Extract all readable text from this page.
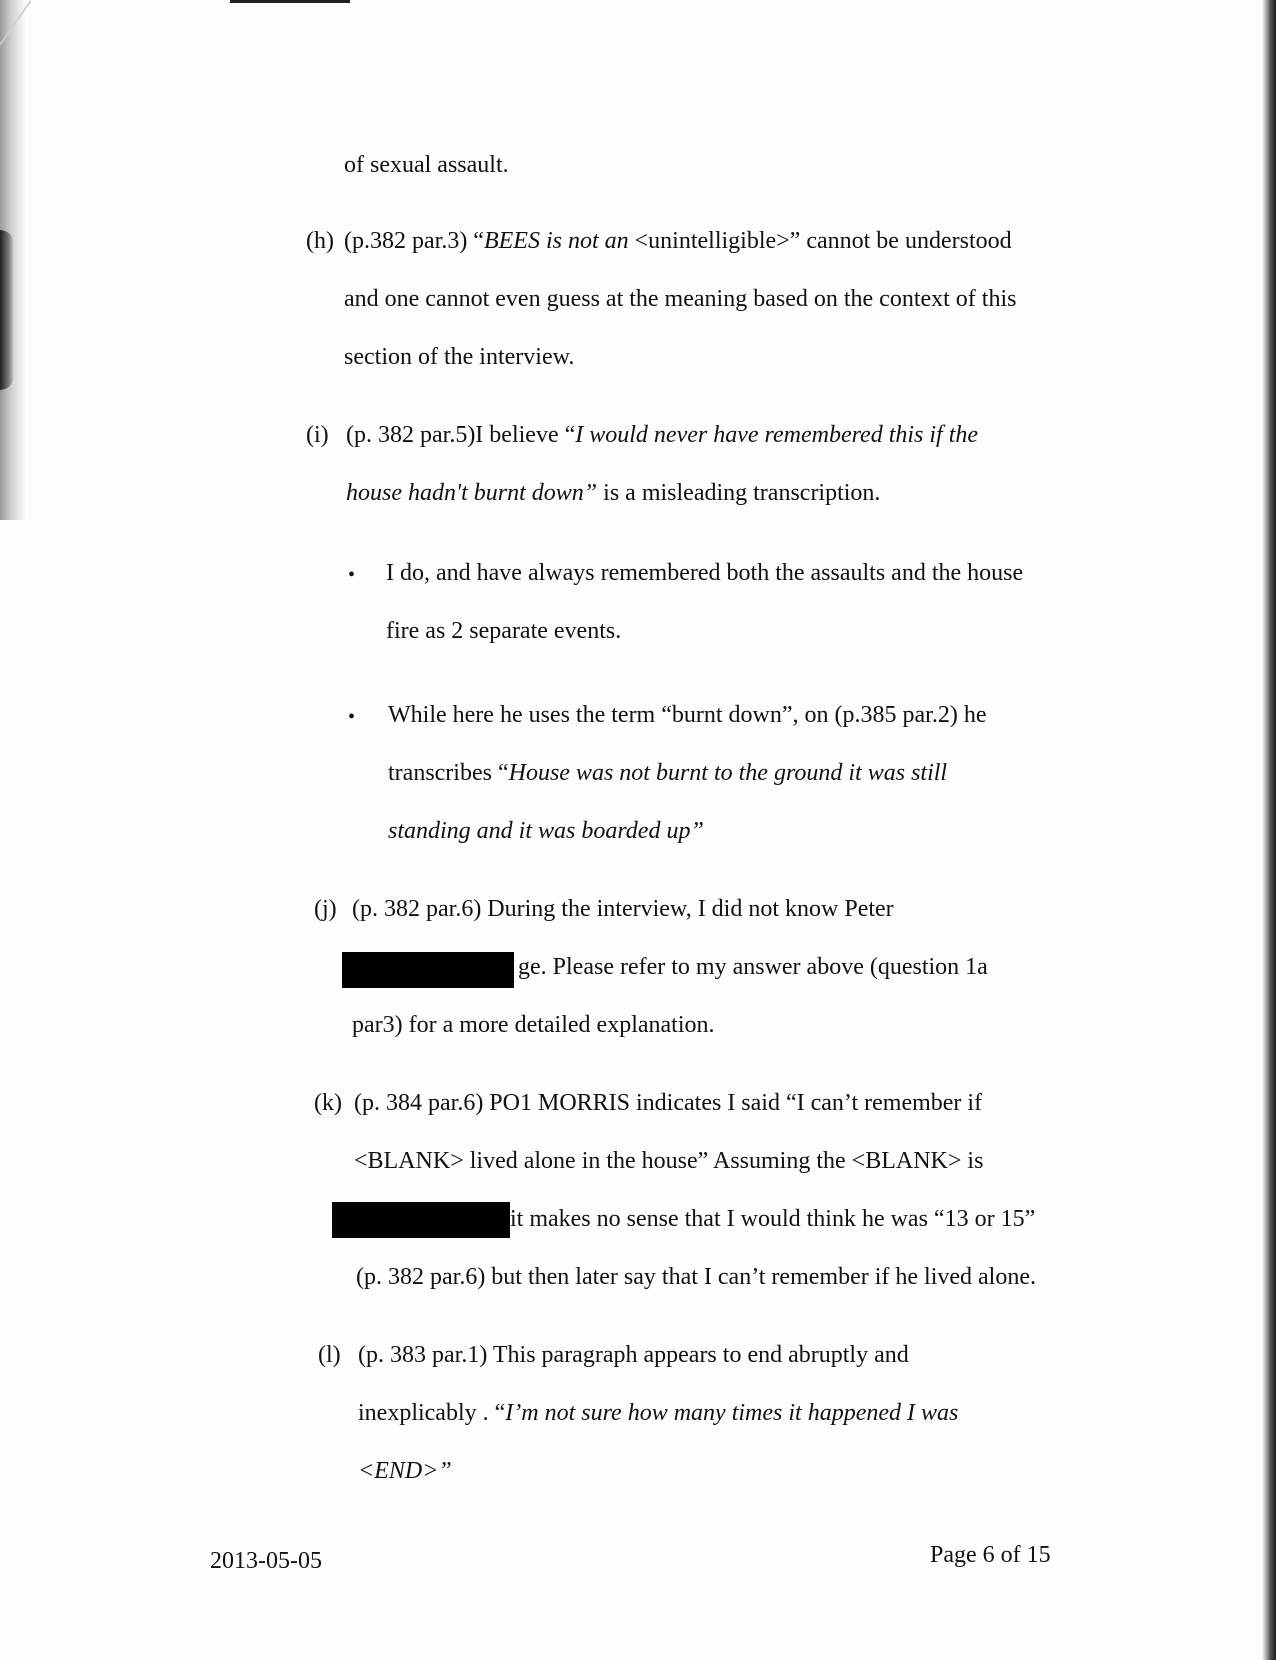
of sexual assault.
(h) (p.382 par.3) “BEES is not an <unintelligible>” cannot be understood
and one cannot even guess at the meaning based on the context of this
section of the interview.
(i) (p. 382 par.5)I believe “I would never have remembered this if the
house hadn't burnt down” is a misleading transcription.
• I do, and have always remembered both the assaults and the house
fire as 2 separate events.
• While here he uses the term “burnt down”, on (p.385 par.2) he
transcribes “House was not burnt to the ground it was still
standing and it was boarded up”
(j) (p. 382 par.6) During the interview, I did not know Peter
ge. Please refer to my answer above (question 1a
par3) for a more detailed explanation.
(k) (p. 384 par.6) PO1 MORRIS indicates I said “I can’t remember if
<BLANK> lived alone in the house” Assuming the <BLANK> is
it makes no sense that I would think he was “13 or 15”
(p. 382 par.6) but then later say that I can’t remember if he lived alone.
(l) (p. 383 par.1) This paragraph appears to end abruptly and
inexplicably . “I’m not sure how many times it happened I was
<END>”
2013-05-05	Page 6 of 15
